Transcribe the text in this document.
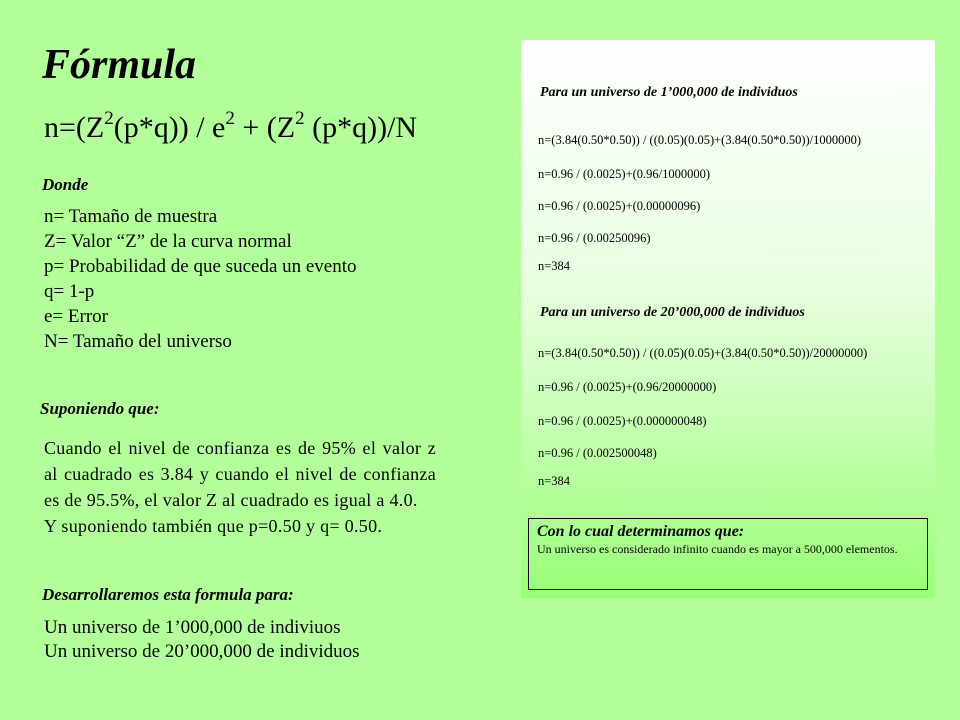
Fórmula
$n=(Z^2(p*q)) / e^2 + (Z^2$ (p*q))/N
Donde
n= Tamaño de muestra
Z= Valor “Z” de la curva normal
p= Probabilidad de que suceda un evento
q= 1-p
e= Error
N= Tamaño del universo
Suponiendo que:

Cuando el nivel de confianza es de 95% el valor z al cuadrado es 3.84 y cuando el nivel de confianza es de 95.5%, el valor Z al cuadrado es igual a 4.0.

Y suponiendo también que p=0.50 y q= 0.50.

Desarrollaremos esta formula para:
Un universo de 1’000,000 de indiviuos
Un universo de 20’000,000 de individuos
Para un universo de 1’000,000 de individuos
n=(3.84(0.50*0.50)) / ((0.05)(0.05)+(3.84(0.50*0.50))/1000000)
n=0.96 / (0.0025)+(0.96/1000000)
n=0.96 / (0.0025)+(0.00000096)
n=0.96 / (0.00250096)
n=384
Para un universo de 20’000,000 de individuos
n=(3.84(0.50*0.50)) / ((0.05)(0.05)+(3.84(0.50*0.50))/20000000)
n=0.96 / (0.0025)+(0.96/20000000)
n=0.96 / (0.0025)+(0.000000048)
n=0.96 / (0.002500048)
n=384
Con lo cual determinamos que:
Un universo es considerado infinito cuando es mayor a 500,000 elementos.
